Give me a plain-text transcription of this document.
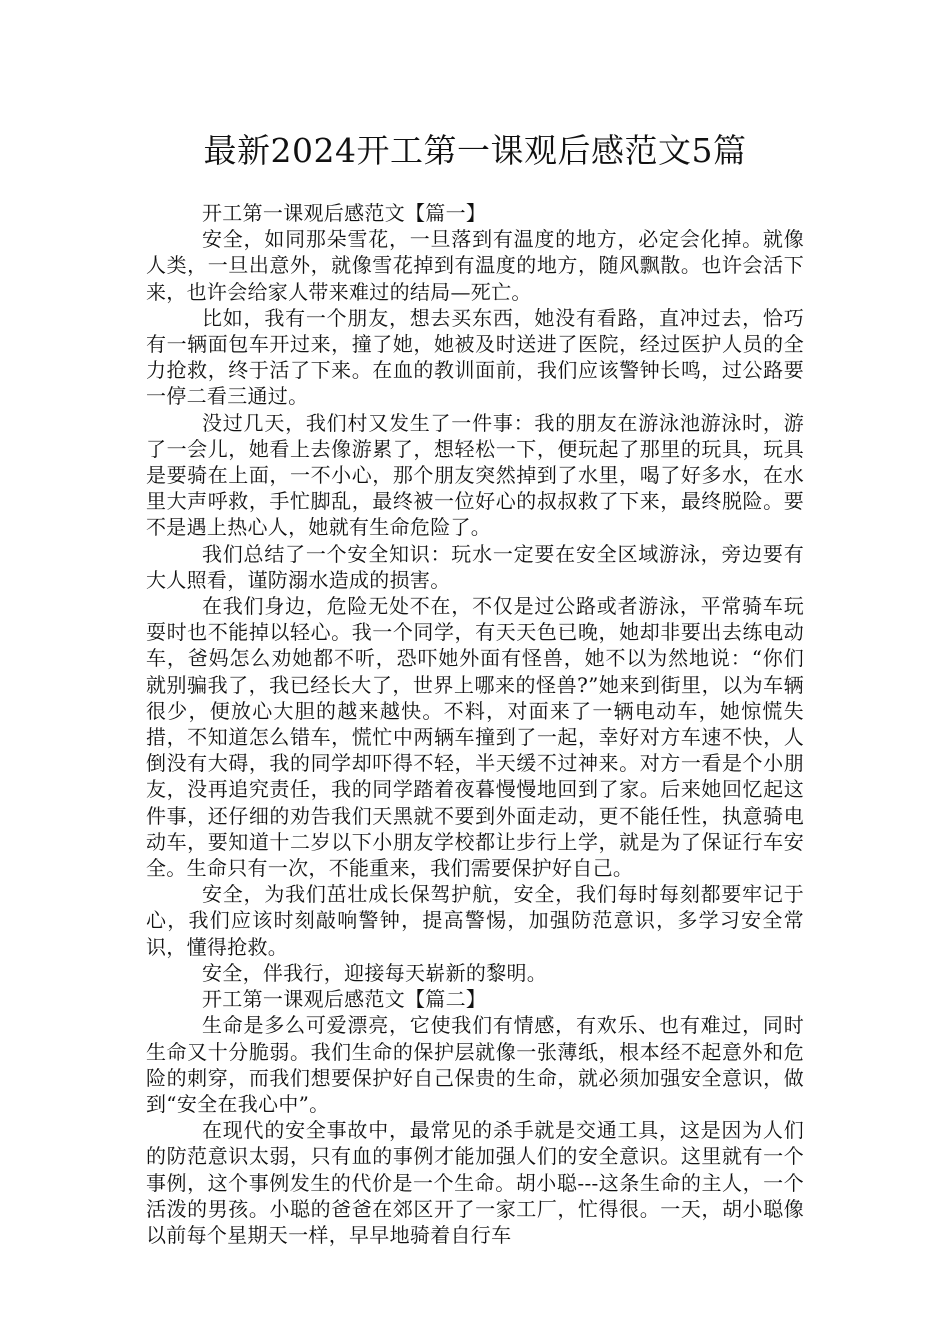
最新2024开工第一课观后感范文5篇

开工第一课观后感范文【篇一】

安全，如同那朵雪花，一旦落到有温度的地方，必定会化掉。就像人类，一旦出意外，就像雪花掉到有温度的地方，随风飘散。也许会活下来，也许会给家人带来难过的结局—死亡。

比如，我有一个朋友，想去买东西，她没有看路，直冲过去，恰巧有一辆面包车开过来，撞了她，她被及时送进了医院，经过医护人员的全力抢救，终于活了下来。在血的教训面前，我们应该警钟长鸣，过公路要一停二看三通过。

没过几天，我们村又发生了一件事：我的朋友在游泳池游泳时，游了一会儿，她看上去像游累了，想轻松一下，便玩起了那里的玩具，玩具是要骑在上面，一不小心，那个朋友突然掉到了水里，喝了好多水，在水里大声呼救，手忙脚乱，最终被一位好心的叔叔救了下来，最终脱险。要不是遇上热心人，她就有生命危险了。

我们总结了一个安全知识：玩水一定要在安全区域游泳，旁边要有大人照看，谨防溺水造成的损害。

在我们身边，危险无处不在，不仅是过公路或者游泳，平常骑车玩耍时也不能掉以轻心。我一个同学，有天天色已晚，她却非要出去练电动车，爸妈怎么劝她都不听，恐吓她外面有怪兽，她不以为然地说：“你们就别骗我了，我已经长大了，世界上哪来的怪兽?”她来到街里，以为车辆很少，便放心大胆的越来越快。不料，对面来了一辆电动车，她惊慌失措，不知道怎么错车，慌忙中两辆车撞到了一起，幸好对方车速不快，人倒没有大碍，我的同学却吓得不轻，半天缓不过神来。对方一看是个小朋友，没再追究责任，我的同学踏着夜暮慢慢地回到了家。后来她回忆起这件事，还仔细的劝告我们天黑就不要到外面走动，更不能任性，执意骑电动车，要知道十二岁以下小朋友学校都让步行上学，就是为了保证行车安全。生命只有一次，不能重来，我们需要保护好自己。

安全，为我们茁壮成长保驾护航，安全，我们每时每刻都要牢记于心，我们应该时刻敲响警钟，提高警惕，加强防范意识，多学习安全常识，懂得抢救。

安全，伴我行，迎接每天崭新的黎明。

开工第一课观后感范文【篇二】

生命是多么可爱漂亮，它使我们有情感，有欢乐、也有难过，同时生命又十分脆弱。我们生命的保护层就像一张薄纸，根本经不起意外和危险的刺穿，而我们想要保护好自己保贵的生命，就必须加强安全意识，做到“安全在我心中”。

在现代的安全事故中，最常见的杀手就是交通工具，这是因为人们的防范意识太弱，只有血的事例才能加强人们的安全意识。这里就有一个事例，这个事例发生的代价是一个生命。胡小聪---这条生命的主人，一个活泼的男孩。小聪的爸爸在郊区开了一家工厂，忙得很。一天，胡小聪像以前每个星期天一样，早早地骑着自行车
